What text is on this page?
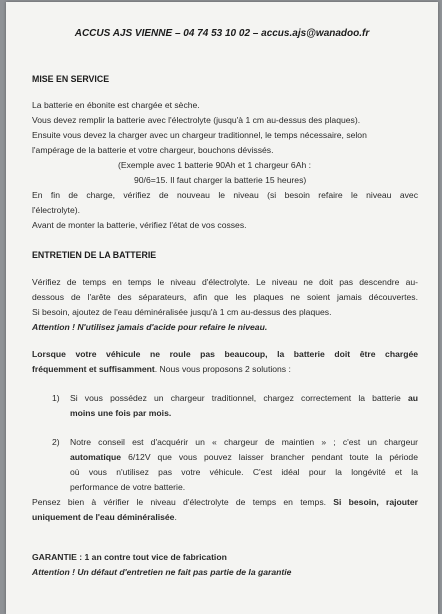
ACCUS AJS VIENNE – 04 74 53 10 02 – accus.ajs@wanadoo.fr
MISE EN SERVICE
La batterie en ébonite est chargée et sèche.
Vous devez remplir la batterie avec l'électrolyte (jusqu'à 1 cm au-dessus des plaques).
Ensuite vous devez la charger avec un chargeur traditionnel, le temps nécessaire, selon
l'ampérage de la batterie et votre chargeur, bouchons dévissés.
(Exemple avec 1 batterie 90Ah et 1 chargeur 6Ah :
90/6=15. Il faut charger la batterie 15 heures)
En fin de charge, vérifiez de nouveau le niveau (si besoin refaire le niveau avec
l'électrolyte).
Avant de monter la batterie, vérifiez l'état de vos cosses.
ENTRETIEN DE LA BATTERIE
Vérifiez de temps en temps le niveau d'électrolyte. Le niveau ne doit pas descendre au-
dessous de l'arête des séparateurs, afin que les plaques ne soient jamais découvertes.
Si besoin, ajoutez de l'eau déminéralisée jusqu'à 1 cm au-dessus des plaques.
Attention ! N'utilisez jamais d'acide pour refaire le niveau.
Lorsque votre véhicule ne roule pas beaucoup, la batterie doit être chargée
fréquemment et suffisamment. Nous vous proposons 2 solutions :
1) Si vous possédez un chargeur traditionnel, chargez correctement la batterie au
moins une fois par mois.
2) Notre conseil est d'acquérir un « chargeur de maintien » ; c'est un chargeur
automatique 6/12V que vous pouvez laisser brancher pendant toute la période
où vous n'utilisez pas votre véhicule. C'est idéal pour la longévité et la
performance de votre batterie.
Pensez bien à vérifier le niveau d'électrolyte de temps en temps. Si besoin, rajouter
uniquement de l'eau déminéralisée.
GARANTIE : 1 an contre tout vice de fabrication
Attention ! Un défaut d'entretien ne fait pas partie de la garantie
